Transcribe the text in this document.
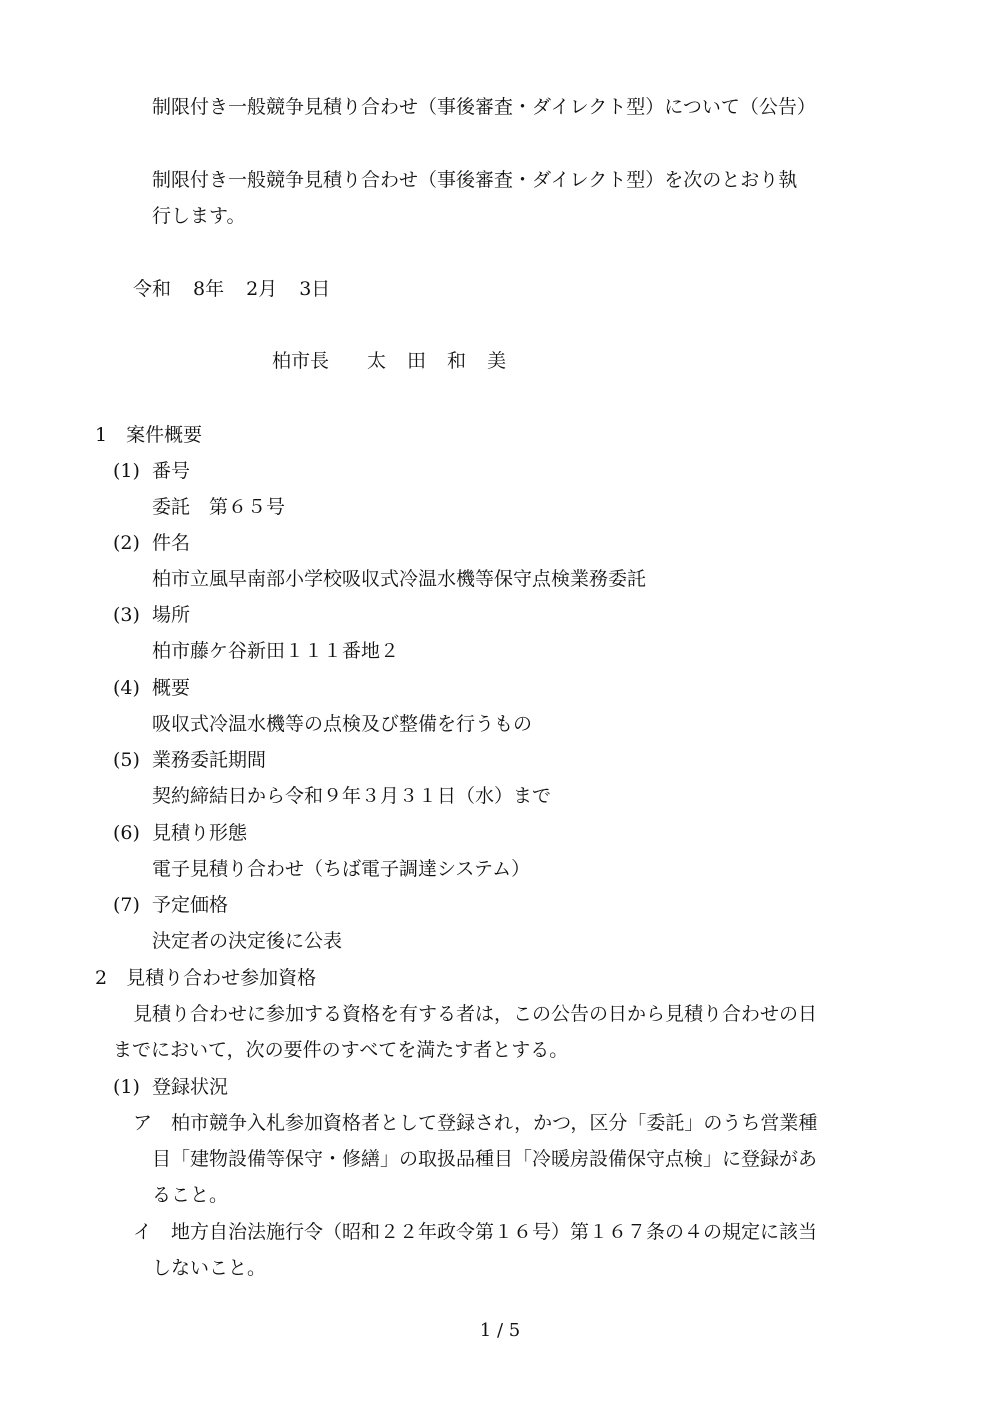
制限付き一般競争見積り合わせ（事後審査・ダイレクト型）について（公告）
制限付き一般競争見積り合わせ（事後審査・ダイレクト型）を次のとおり執
行します。
令和 8年 2月 3日
柏市長 太 田 和 美
1　案件概要
(1) 番号
委託　第６５号
(2) 件名
柏市立風早南部小学校吸収式冷温水機等保守点検業務委託
(3) 場所
柏市藤ケ谷新田１１１番地２
(4) 概要
吸収式冷温水機等の点検及び整備を行うもの
(5) 業務委託期間
契約締結日から令和９年３月３１日（水）まで
(6) 見積り形態
電子見積り合わせ（ちば電子調達システム）
(7) 予定価格
決定者の決定後に公表
2　見積り合わせ参加資格
見積り合わせに参加する資格を有する者は，この公告の日から見積り合わせの日
までにおいて，次の要件のすべてを満たす者とする。
(1) 登録状況
ア 柏市競争入札参加資格者として登録され，かつ，区分「委託」のうち営業種
目「建物設備等保守・修繕」の取扱品種目「冷暖房設備保守点検」に登録があ
ること。
イ 地方自治法施行令（昭和２２年政令第１６号）第１６７条の４の規定に該当
しないこと。
1 / 5
